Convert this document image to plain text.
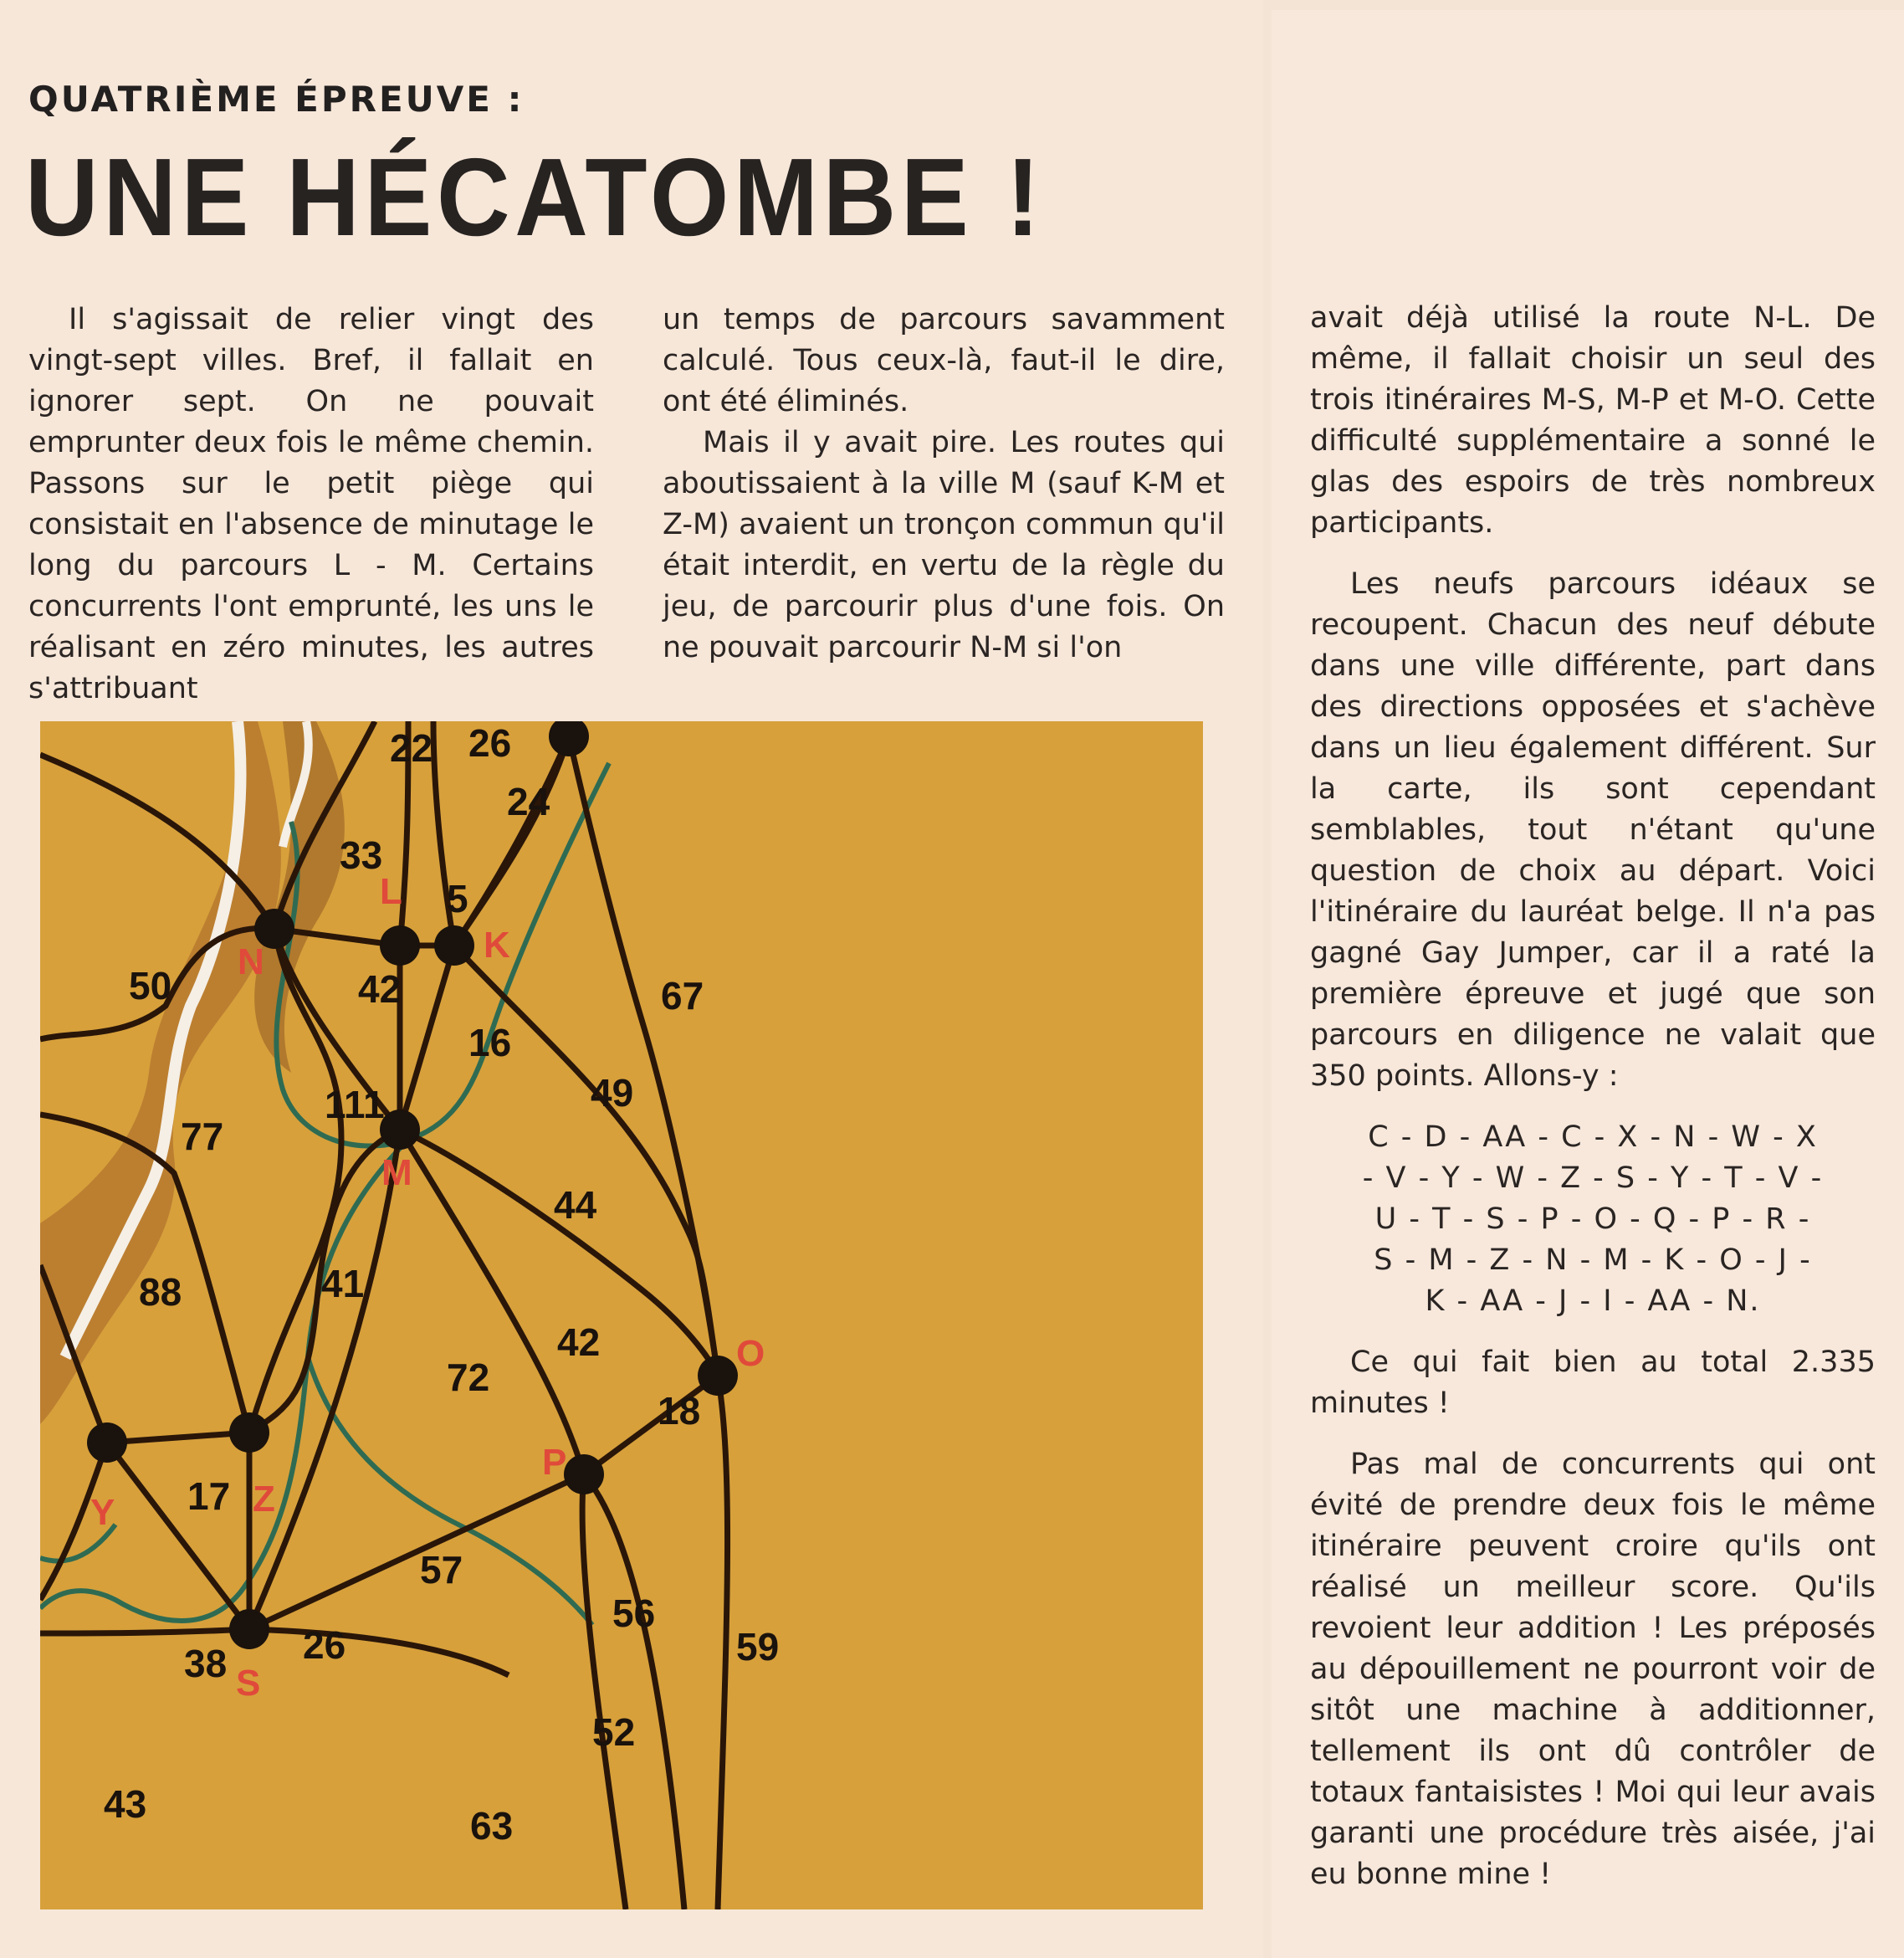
QUATRIÈME ÉPREUVE :
UNE HÉCATOMBE !

Il s'agissait de relier vingt des vingt-sept villes. Bref, il fallait en ignorer sept. On ne pouvait emprunter deux fois le même chemin. Passons sur le petit piège qui consistait en l'absence de minutage le long du parcours L - M. Certains concurrents l'ont emprunté, les uns le réalisant en zéro minutes, les autres s'attribuant

un temps de parcours savamment calculé. Tous ceux-là, faut-il le dire, ont été éliminés.

Mais il y avait pire. Les routes qui aboutissaient à la ville M (sauf K-M et Z-M) avaient un tronçon commun qu'il était interdit, en vertu de la règle du jeu, de parcourir plus d'une fois. On ne pouvait parcourir N-M si l'on

avait déjà utilisé la route N-L. De même, il fallait choisir un seul des trois itinéraires M-S, M-P et M-O. Cette difficulté supplémentaire a sonné le glas des espoirs de très nombreux participants.

Les neufs parcours idéaux se recoupent. Chacun des neuf débute dans une ville différente, part dans des directions opposées et s'achève dans un lieu également différent. Sur la carte, ils sont cependant semblables, tout n'étant qu'une question de choix au départ. Voici l'itinéraire du lauréat belge. Il n'a pas gagné Gay Jumper, car il a raté la première épreuve et jugé que son parcours en diligence ne valait que 350 points. Allons-y :

C - D - AA - C - X - N - W - X

- V - Y - W - Z - S - Y - T - V -

U - T - S - P - O - Q - P - R -

S - M - Z - N - M - K - O - J -

K - AA - J - I - AA - N.

Ce qui fait bien au total 2.335 minutes !

Pas mal de concurrents qui ont évité de prendre deux fois le même itinéraire peuvent croire qu'ils ont réalisé un meilleur score. Qu'ils revoient leur addition ! Les préposés au dépouillement ne pourront voir de sitôt une machine à additionner, tellement ils ont dû contrôler de totaux fantaisistes ! Moi qui leur avais garanti une procédure très aisée, j'ai eu bonne mine !

N
L
K
M
O
P
Z
Y
S
22 26
24
33
5
50	42
16
67
111	49
77
44
88	41
42
72
18
17
57
56
26
38	59
52
43	63
